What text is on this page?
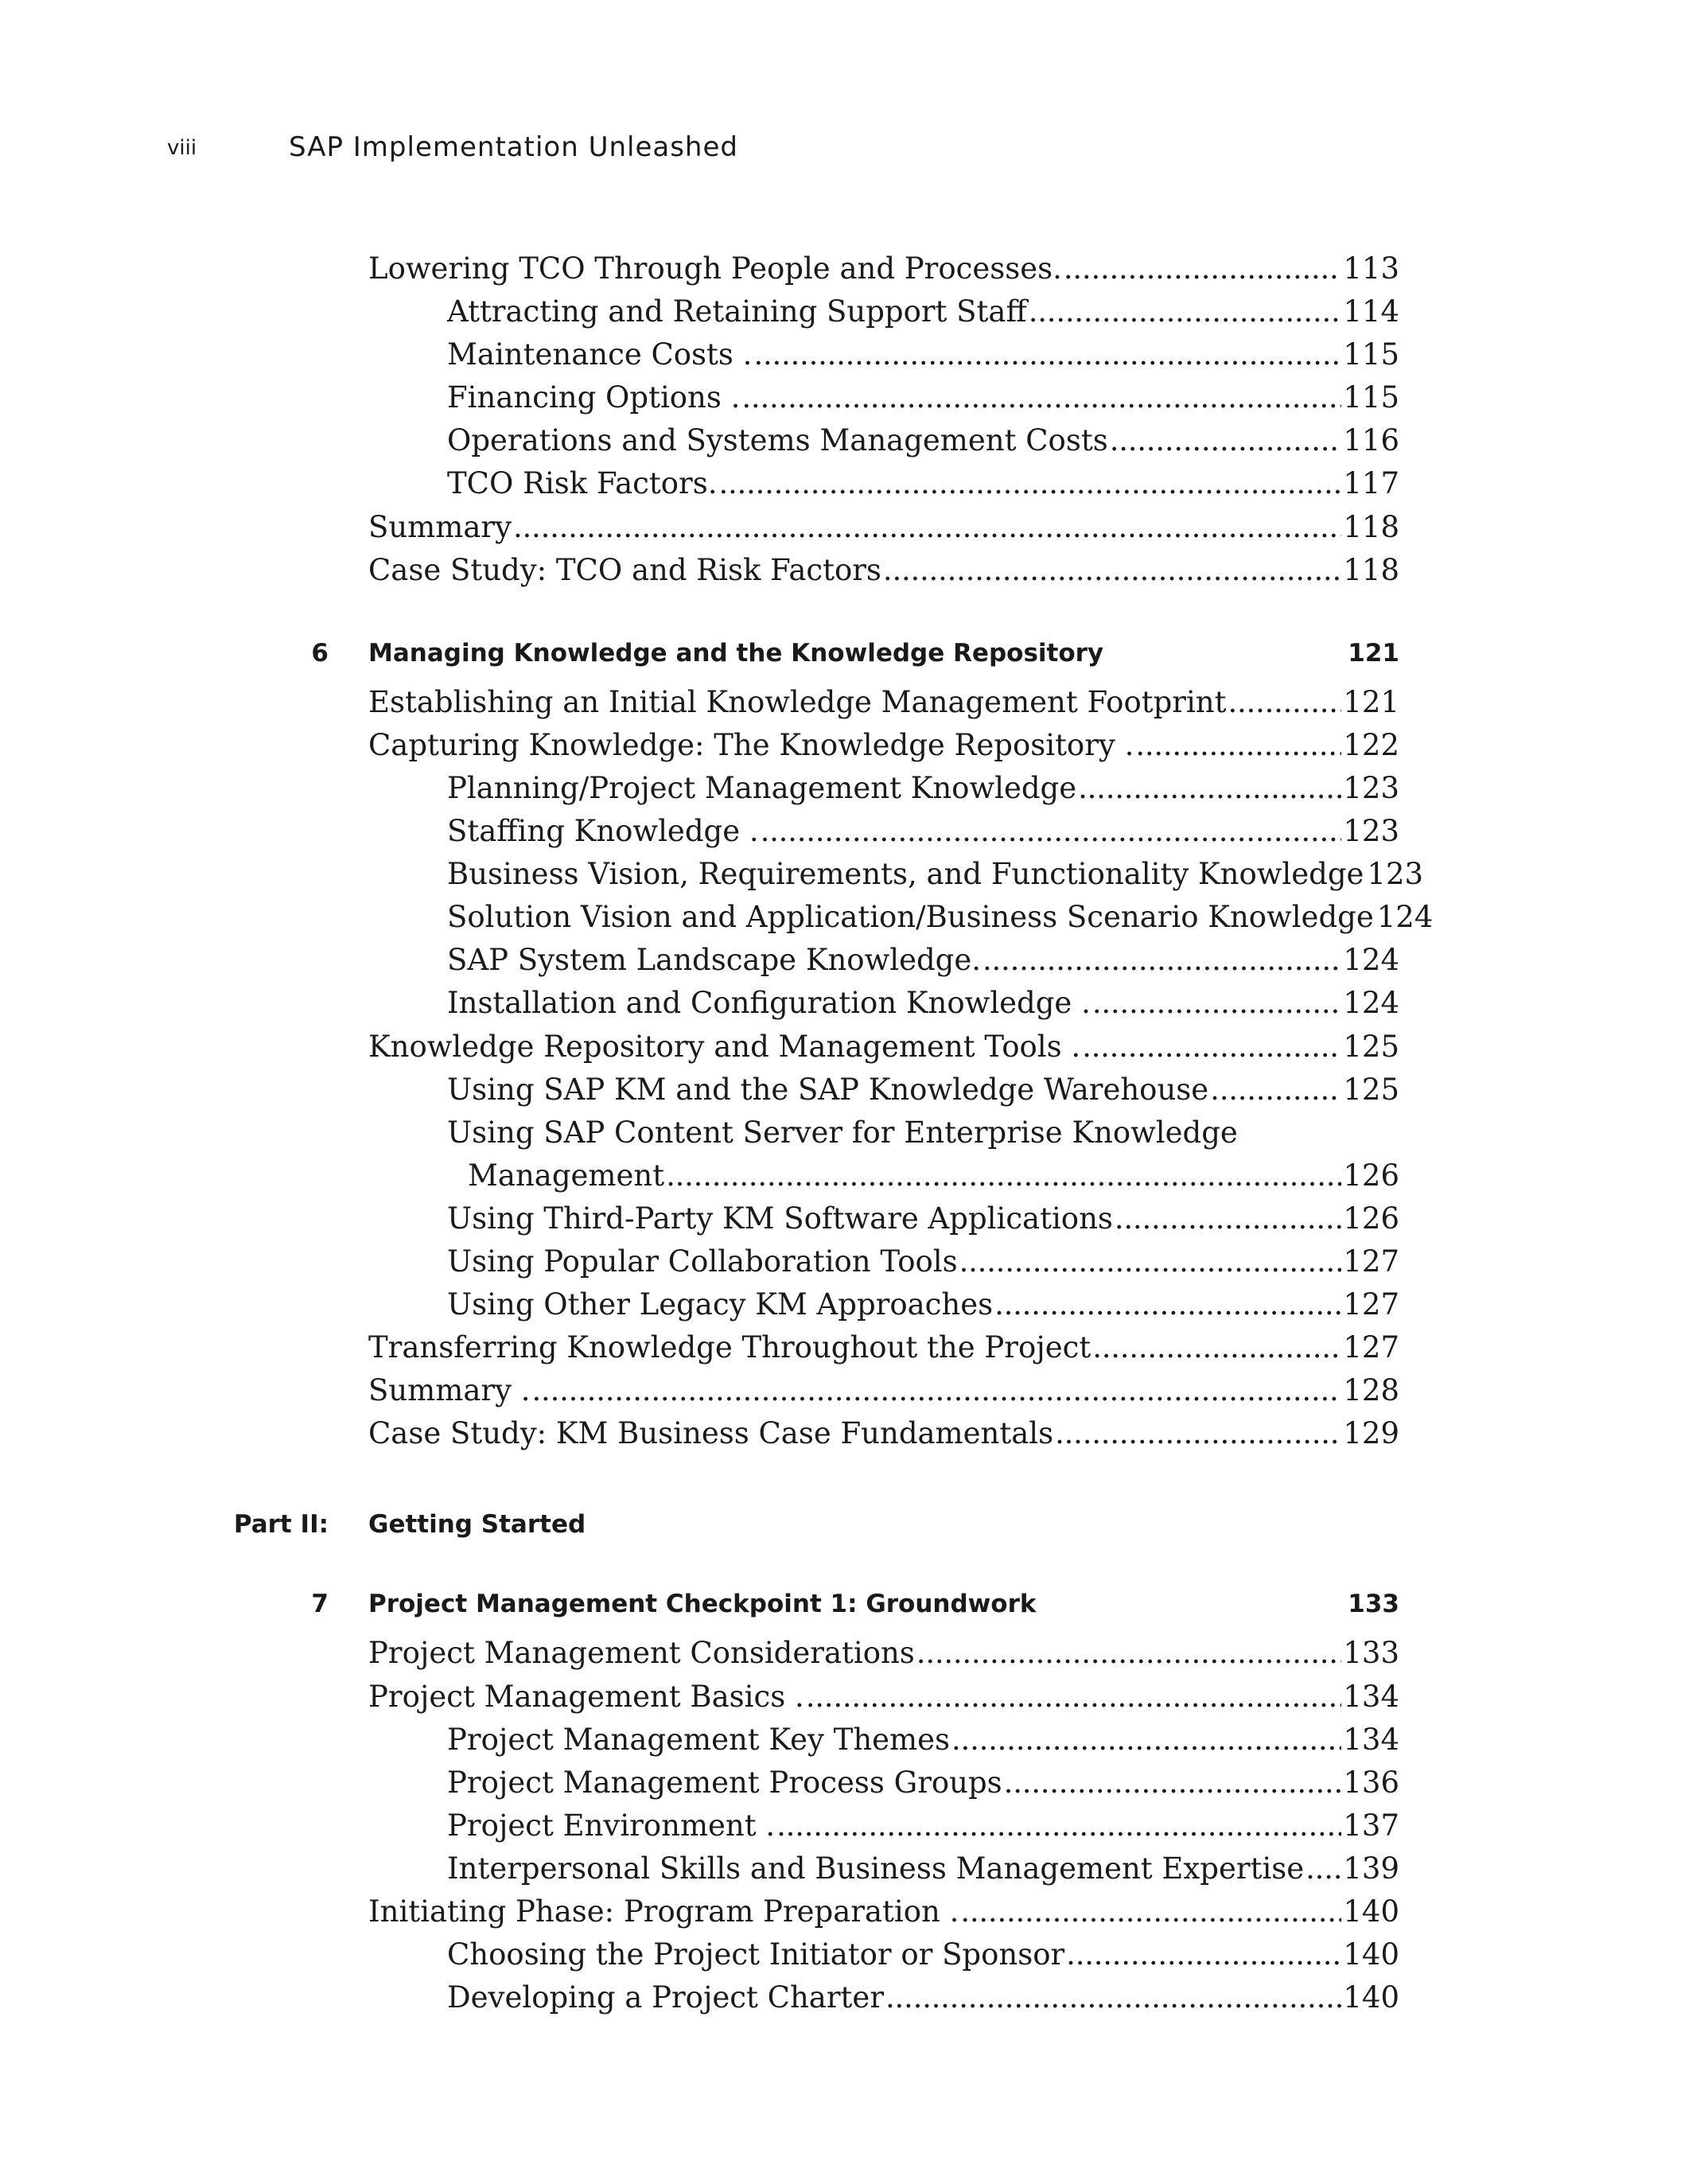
viii	SAP Implementation Unleashed
Lowering TCO Through People and Processes. . . .	113
Attracting and Retaining Support Staff . . .	114
Maintenance Costs . . . .	115
Financing Options . . . .	115
Operations and Systems Management Costs . . .	116
TCO Risk Factors. . . .	117
Summary . . .	118
Case Study: TCO and Risk Factors . . .	118
6 Managing Knowledge and the Knowledge Repository	121
Establishing an Initial Knowledge Management Footprint . . .	121
Capturing Knowledge: The Knowledge Repository . . . .	122
Planning/Project Management Knowledge . . .	123
Staffing Knowledge . . . .	123
Business Vision, Requirements, and Functionality Knowledge 123
Solution Vision and Application/Business Scenario Knowledge 124
SAP System Landscape Knowledge. . . .	124
Installation and Configuration Knowledge . . . .	124
Knowledge Repository and Management Tools . . . .	125
Using SAP KM and the SAP Knowledge Warehouse . . .	125
Using SAP Content Server for Enterprise Knowledge
Management . . .	126
Using Third-Party KM Software Applications . . .	126
Using Popular Collaboration Tools . . .	127
Using Other Legacy KM Approaches . . .	127
Transferring Knowledge Throughout the Project . . .	127
Summary . . . .	128
Case Study: KM Business Case Fundamentals . . .	129
Part II: Getting Started
7 Project Management Checkpoint 1: Groundwork	133
Project Management Considerations . . .	133
Project Management Basics . . . .	134
Project Management Key Themes . . .	134
Project Management Process Groups . . .	136
Project Environment . . . .	137
Interpersonal Skills and Business Management Expertise . . . 139
Initiating Phase: Program Preparation . . . .	140
Choosing the Project Initiator or Sponsor . . .	140
Developing a Project Charter . . .	140
